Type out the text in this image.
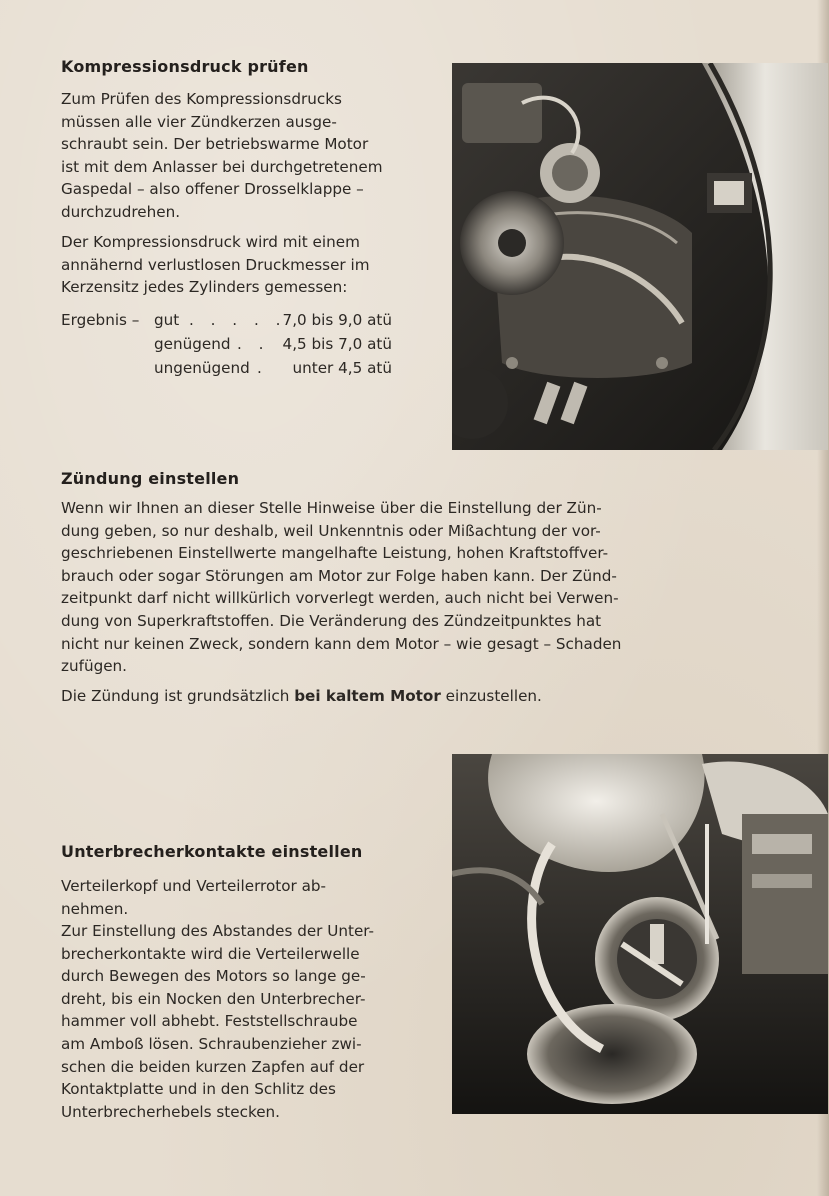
Kompressionsdruck prüfen
Zum Prüfen des Kompressionsdrucks
müssen alle vier Zündkerzen ausge-
schraubt sein. Der betriebswarme Motor
ist mit dem Anlasser bei durchgetretenem
Gaspedal – also offener Drosselklappe –
durchzudrehen.
Der Kompressionsdruck wird mit einem
annähernd verlustlosen Druckmesser im
Kerzensitz jedes Zylinders gemessen:
Ergebnis – gut . . . . .
7,0 bis 9,0 atü
genügend . . 4,5 bis 7,0 atü
ungenügend . unter 4,5 atü
Zündung einstellen
Wenn wir Ihnen an dieser Stelle Hinweise über die Einstellung der Zün-
dung geben, so nur deshalb, weil Unkenntnis oder Mißachtung der vor-
geschriebenen Einstellwerte mangelhafte Leistung, hohen Kraftstoffver-
brauch oder sogar Störungen am Motor zur Folge haben kann. Der Zünd-
zeitpunkt darf nicht willkürlich vorverlegt werden, auch nicht bei Verwen-
dung von Superkraftstoffen. Die Veränderung des Zündzeitpunktes hat
nicht nur keinen Zweck, sondern kann dem Motor – wie gesagt – Schaden
zufügen.
Die Zündung ist grundsätzlich bei kaltem Motor einzustellen.
Unterbrecherkontakte einstellen
Verteilerkopf und Verteilerrotor ab-
nehmen.
Zur Einstellung des Abstandes der Unter-
brecherkontakte wird die Verteilerwelle
durch Bewegen des Motors so lange ge-
dreht, bis ein Nocken den Unterbrecher-
hammer voll abhebt. Feststellschraube
am Amboß lösen. Schraubenzieher zwi-
schen die beiden kurzen Zapfen auf der
Kontaktplatte und in den Schlitz des
Unterbrecherhebels stecken.
